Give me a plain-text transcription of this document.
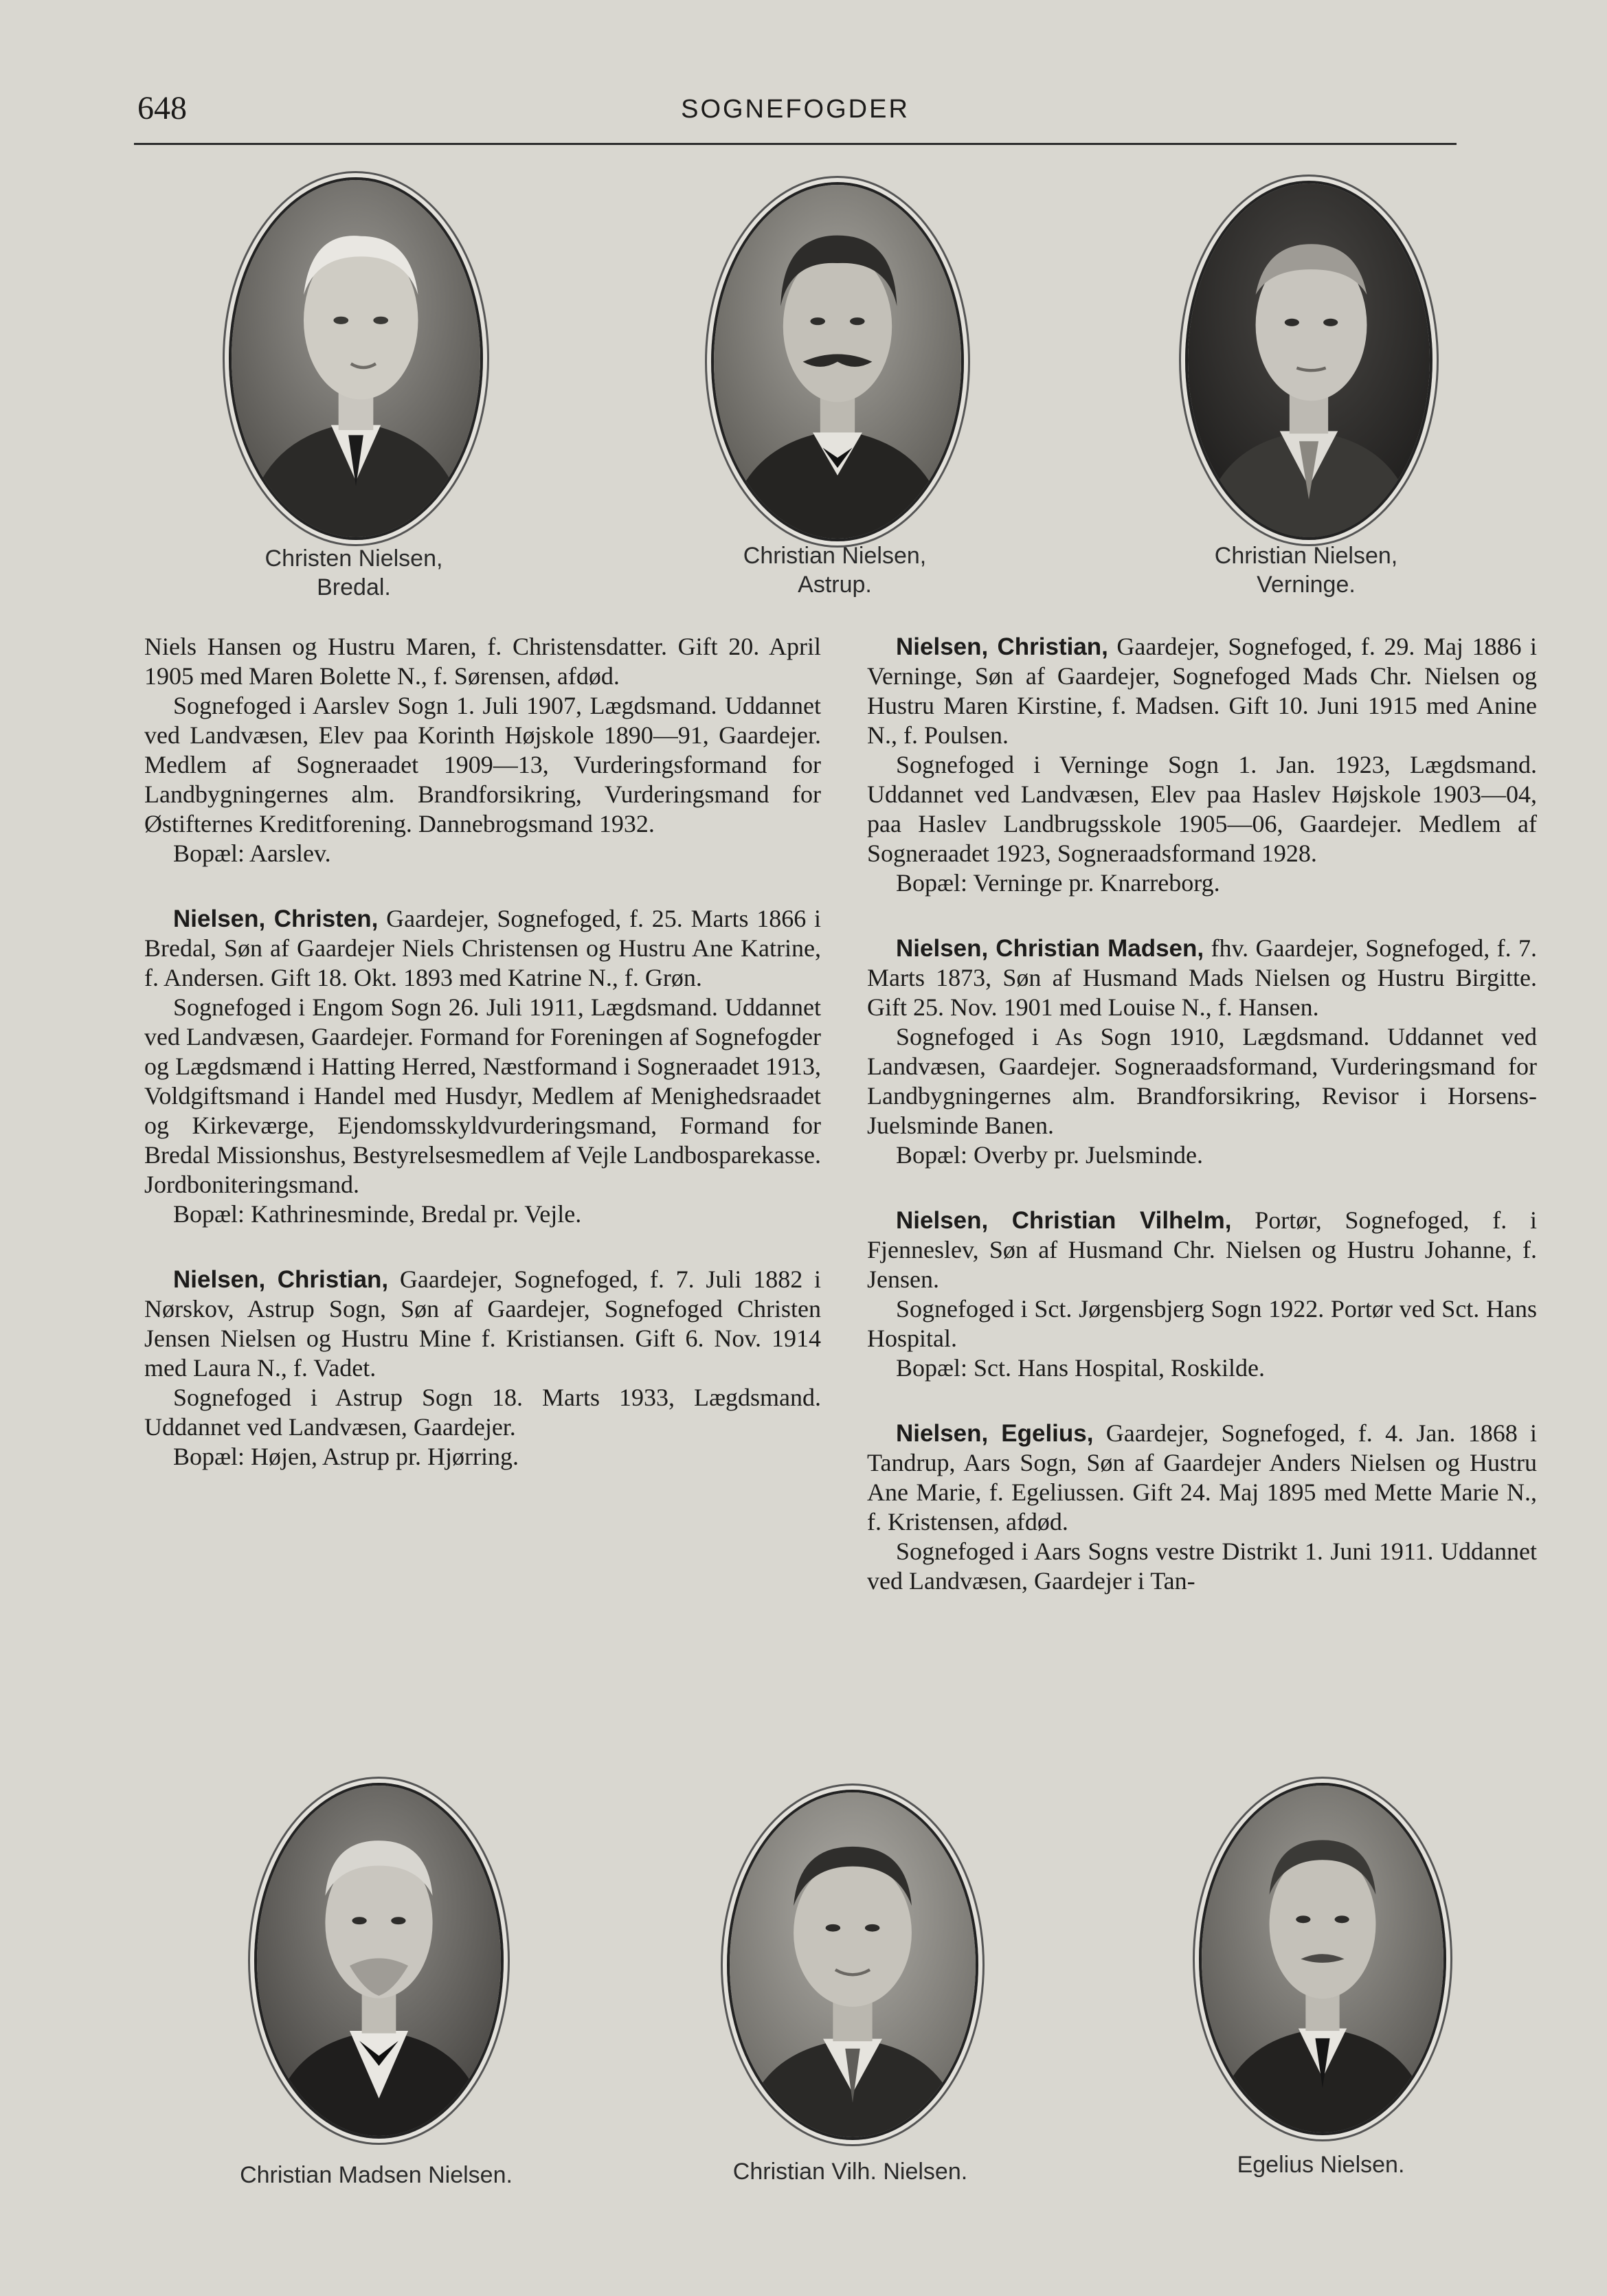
648	SOGNEFOGDER
Christen Nielsen,
Bredal.
Christian Nielsen,
Astrup.
Christian Nielsen,
Verninge.

Niels Hansen og Hustru Maren, f. Christensdatter. Gift 20. April 1905 med Maren Bolette N., f. Sørensen, afdød.

Sognefoged i Aarslev Sogn 1. Juli 1907, Lægdsmand. Uddannet ved Landvæsen, Elev paa Korinth Højskole 1890—91, Gaardejer. Medlem af Sogneraadet 1909—13, Vurderingsformand for Landbygningernes alm. Brandforsikring, Vurderingsmand for Østifternes Kreditforening. Dannebrogsmand 1932.

Bopæl: Aarslev.

Nielsen, Christen, Gaardejer, Sognefoged, f. 25. Marts 1866 i Bredal, Søn af Gaardejer Niels Christensen og Hustru Ane Katrine, f. Andersen. Gift 18. Okt. 1893 med Katrine N., f. Grøn.

Sognefoged i Engom Sogn 26. Juli 1911, Lægdsmand. Uddannet ved Landvæsen, Gaardejer. Formand for Foreningen af Sognefogder og Lægdsmænd i Hatting Herred, Næstformand i Sogneraadet 1913, Voldgiftsmand i Handel med Husdyr, Medlem af Menighedsraadet og Kirkeværge, Ejendomsskyldvurderingsmand, Formand for Bredal Missionshus, Bestyrelsesmedlem af Vejle Landbosparekasse. Jordboniteringsmand.

Bopæl: Kathrinesminde, Bredal pr. Vejle.

Nielsen, Christian, Gaardejer, Sognefoged, f. 7. Juli 1882 i Nørskov, Astrup Sogn, Søn af Gaardejer, Sognefoged Christen Jensen Nielsen og Hustru Mine f. Kristiansen. Gift 6. Nov. 1914 med Laura N., f. Vadet.

Sognefoged i Astrup Sogn 18. Marts 1933, Lægdsmand. Uddannet ved Landvæsen, Gaardejer.

Bopæl: Højen, Astrup pr. Hjørring.

Nielsen, Christian, Gaardejer, Sognefoged, f. 29. Maj 1886 i Verninge, Søn af Gaardejer, Sognefoged Mads Chr. Nielsen og Hustru Maren Kirstine, f. Madsen. Gift 10. Juni 1915 med Anine N., f. Poulsen.

Sognefoged i Verninge Sogn 1. Jan. 1923, Lægdsmand. Uddannet ved Landvæsen, Elev paa Haslev Højskole 1903—04, paa Haslev Landbrugsskole 1905—06, Gaardejer. Medlem af Sogneraadet 1923, Sogneraadsformand 1928.

Bopæl: Verninge pr. Knarreborg.

Nielsen, Christian Madsen, fhv. Gaardejer, Sognefoged, f. 7. Marts 1873, Søn af Husmand Mads Nielsen og Hustru Birgitte. Gift 25. Nov. 1901 med Louise N., f. Hansen.

Sognefoged i As Sogn 1910, Lægdsmand. Uddannet ved Landvæsen, Gaardejer. Sogneraadsformand, Vurderingsmand for Landbygningernes alm. Brandforsikring, Revisor i Horsens-Juelsminde Banen.

Bopæl: Overby pr. Juelsminde.

Nielsen, Christian Vilhelm, Portør, Sognefoged, f. i Fjenneslev, Søn af Husmand Chr. Nielsen og Hustru Johanne, f. Jensen.

Sognefoged i Sct. Jørgensbjerg Sogn 1922. Portør ved Sct. Hans Hospital.

Bopæl: Sct. Hans Hospital, Roskilde.

Nielsen, Egelius, Gaardejer, Sognefoged, f. 4. Jan. 1868 i Tandrup, Aars Sogn, Søn af Gaardejer Anders Nielsen og Hustru Ane Marie, f. Egeliussen. Gift 24. Maj 1895 med Mette Marie N., f. Kristensen, afdød.

Sognefoged i Aars Sogns vestre Distrikt 1. Juni 1911. Uddannet ved Landvæsen, Gaardejer i Tan-

Christian Madsen Nielsen.	Christian Vilh. Nielsen.	Egelius Nielsen.
